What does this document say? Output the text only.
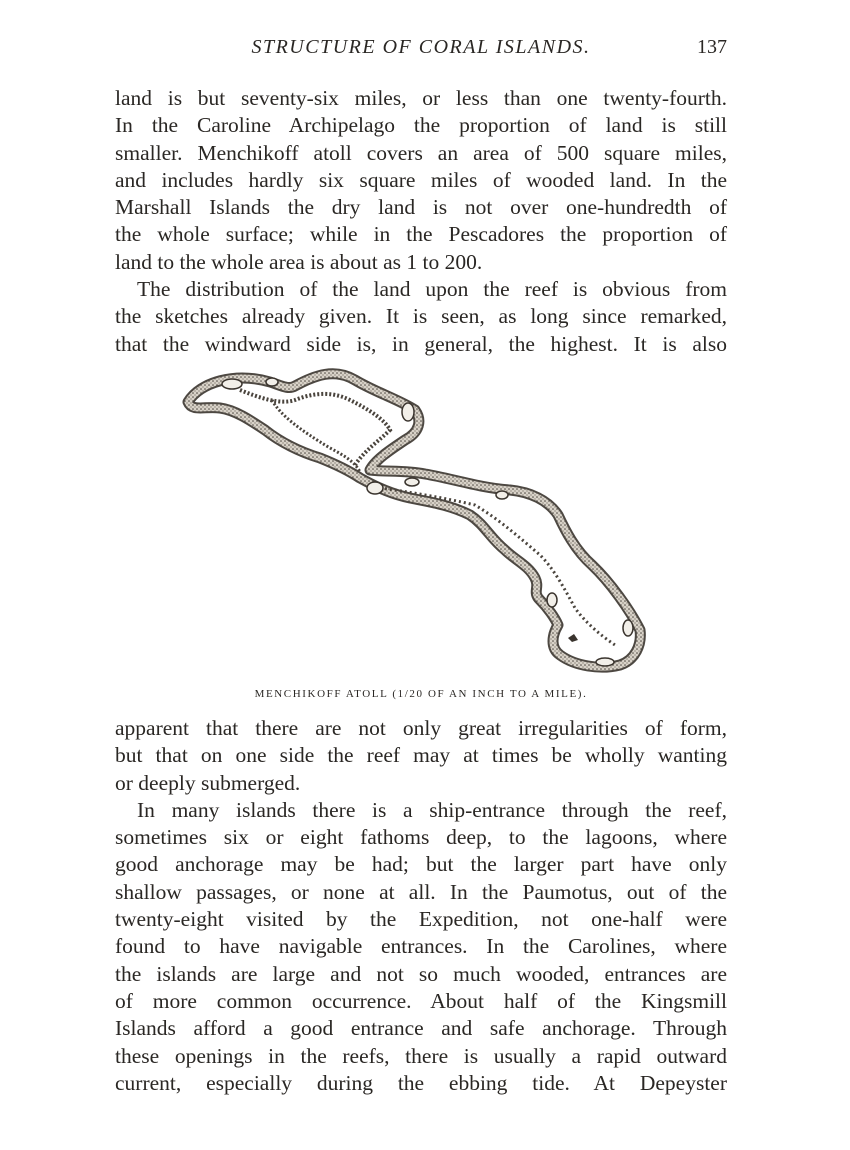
STRUCTURE OF CORAL ISLANDS.	137
land is but seventy-six miles, or less than one twenty-fourth.
In the Caroline Archipelago the proportion of land is still
smaller. Menchikoff atoll covers an area of 500 square miles,
and includes hardly six square miles of wooded land. In the
Marshall Islands the dry land is not over one-hundredth of
the whole surface; while in the Pescadores the proportion of
land to the whole area is about as 1 to 200.
The distribution of the land upon the reef is obvious from
the sketches already given. It is seen, as long since remarked,
that the windward side is, in general, the highest. It is also
MENCHIKOFF ATOLL (1/20 OF AN INCH TO A MILE).
apparent that there are not only great irregularities of form,
but that on one side the reef may at times be wholly wanting
or deeply submerged.
In many islands there is a ship-entrance through the reef,
sometimes six or eight fathoms deep, to the lagoons, where
good anchorage may be had; but the larger part have only
shallow passages, or none at all. In the Paumotus, out of the
twenty-eight visited by the Expedition, not one-half were
found to have navigable entrances. In the Carolines, where
the islands are large and not so much wooded, entrances are
of more common occurrence. About half of the Kingsmill
Islands afford a good entrance and safe anchorage. Through
these openings in the reefs, there is usually a rapid outward
current, especially during the ebbing tide. At Depeyster
